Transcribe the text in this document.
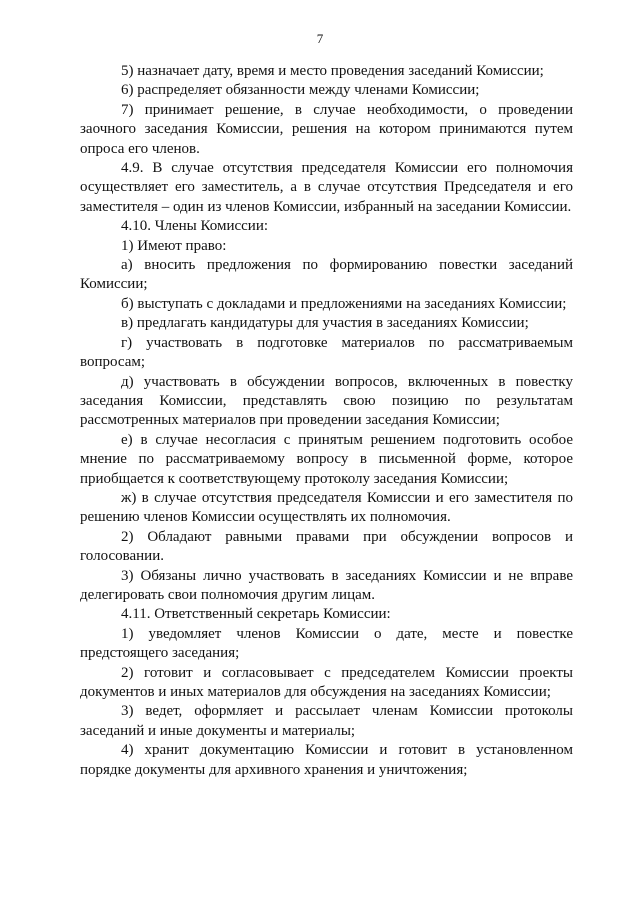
7

5) назначает дату, время и место проведения заседаний Комиссии;

6) распределяет обязанности между членами Комиссии;

7) принимает решение, в случае необходимости, о проведении заочного заседания Комиссии, решения на котором принимаются путем опроса его членов.

4.9. В случае отсутствия председателя Комиссии его полномочия осуществляет его заместитель, а в случае отсутствия Председателя и его заместителя – один из членов Комиссии, избранный на заседании Комиссии.

4.10. Члены Комиссии:

1) Имеют право:

а) вносить предложения по формированию повестки заседаний Комиссии;

б) выступать с докладами и предложениями на заседаниях Комиссии;

в) предлагать кандидатуры для участия в заседаниях Комиссии;

г) участвовать в подготовке материалов по рассматриваемым вопросам;

д) участвовать в обсуждении вопросов, включенных в повестку заседания Комиссии, представлять свою позицию по результатам рассмотренных материалов при проведении заседания Комиссии;

е) в случае несогласия с принятым решением подготовить особое мнение по рассматриваемому вопросу в письменной форме, которое приобщается к соответствующему протоколу заседания Комиссии;

ж) в случае отсутствия председателя Комиссии и его заместителя по решению членов Комиссии осуществлять их полномочия.

2) Обладают равными правами при обсуждении вопросов и голосовании.

3) Обязаны лично участвовать в заседаниях Комиссии и не вправе делегировать свои полномочия другим лицам.

4.11. Ответственный секретарь Комиссии:

1) уведомляет членов Комиссии о дате, месте и повестке предстоящего заседания;

2) готовит и согласовывает с председателем Комиссии проекты документов и иных материалов для обсуждения на заседаниях Комиссии;

3) ведет, оформляет и рассылает членам Комиссии протоколы заседаний и иные документы и материалы;

4) хранит документацию Комиссии и готовит в установленном порядке документы для архивного хранения и уничтожения;
